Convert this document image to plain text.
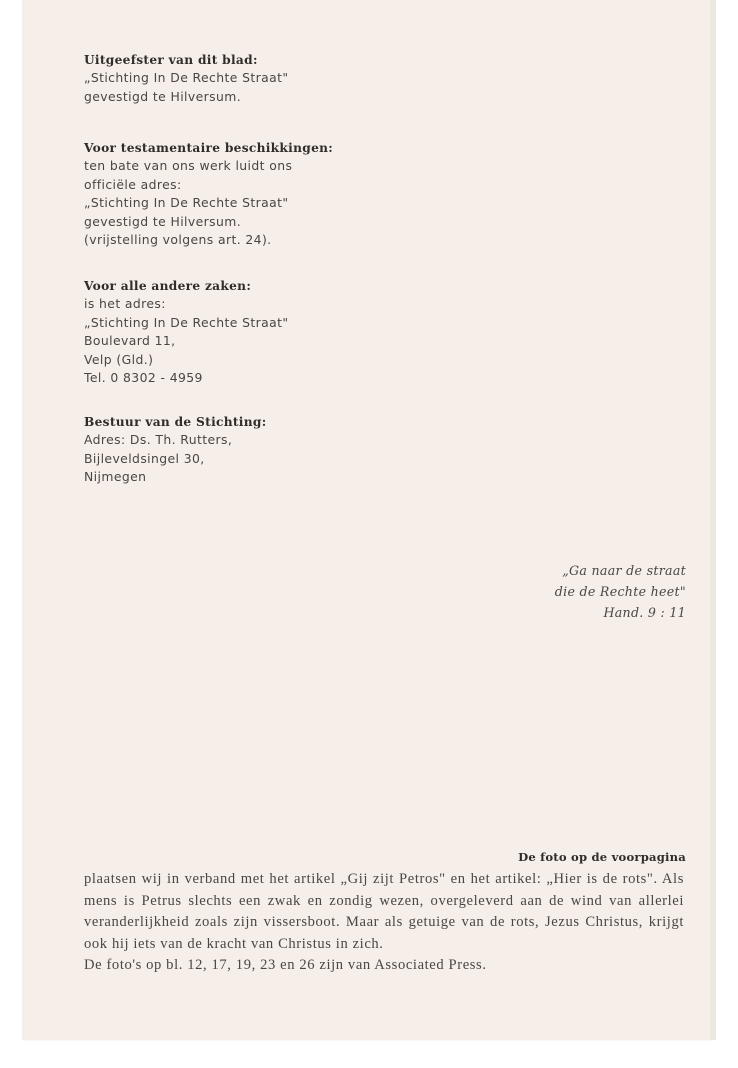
Uitgeefster van dit blad:
„Stichting In De Rechte Straat"
gevestigd te Hilversum.
Voor testamentaire beschikkingen:
ten bate van ons werk luidt ons
officiële adres:
„Stichting In De Rechte Straat"
gevestigd te Hilversum.
(vrijstelling volgens art. 24).
Voor alle andere zaken:
is het adres:
„Stichting In De Rechte Straat"
Boulevard 11,
Velp (Gld.)
Tel. 0 8302 - 4959
Bestuur van de Stichting:
Adres: Ds. Th. Rutters,
Bijleveldsingel 30,
Nijmegen
„Ga naar de straat
die de Rechte heet"
Hand. 9 : 11
De foto op de voorpagina

plaatsen wij in verband met het artikel „Gij zijt Petros" en het artikel: „Hier is de rots". Als mens is Petrus slechts een zwak en zondig wezen, overgeleverd aan de wind van allerlei veranderlijkheid zoals zijn vissersboot. Maar als getuige van de rots, Jezus Christus, krijgt ook hij iets van de kracht van Christus in zich.

De foto's op bl. 12, 17, 19, 23 en 26 zijn van Associated Press.
